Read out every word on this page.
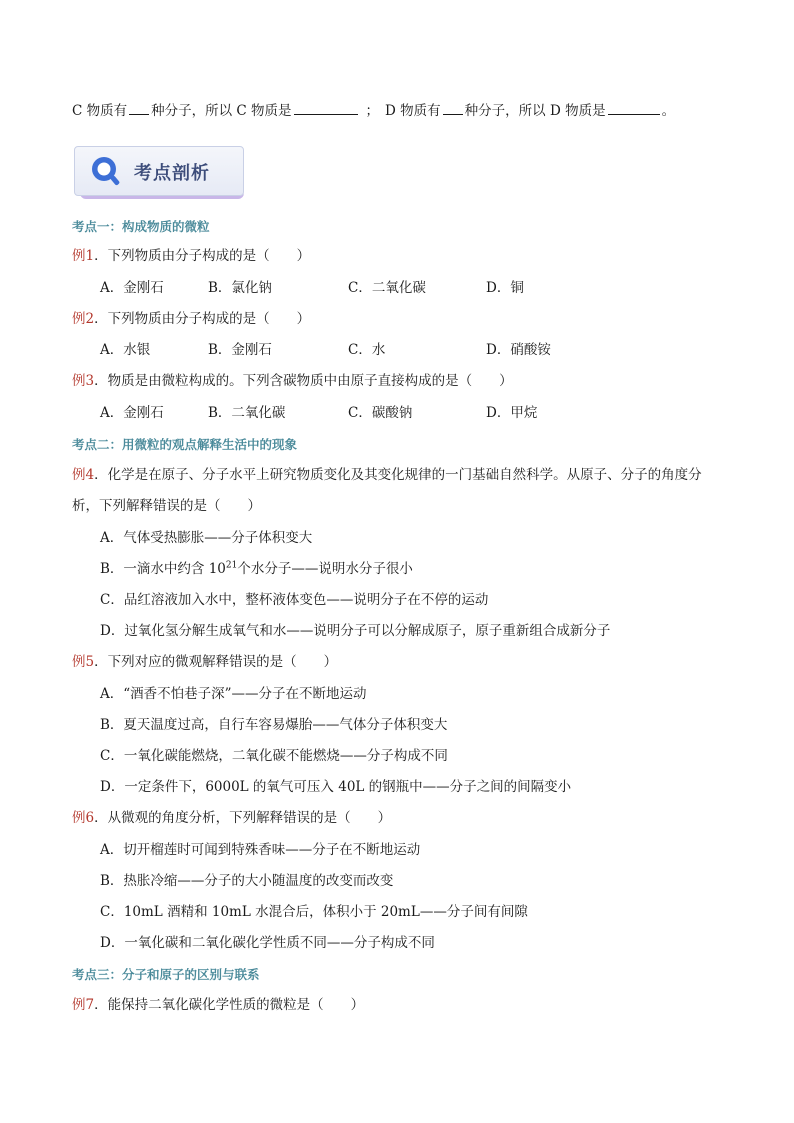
C 物质有 种分子，所以 C 物质是	； D 物质有 种分子，所以 D 物质是	。
考点剖析
考点一：构成物质的微粒
例1．下列物质由分子构成的是（　　）
A．金刚石	B．氯化钠	C．二氧化碳	D．铜
例2．下列物质由分子构成的是（　　）
A．水银	B．金刚石	C．水	D．硝酸铵
例3．物质是由微粒构成的。下列含碳物质中由原子直接构成的是（　　）
A．金刚石	B．二氧化碳	C．碳酸钠	D．甲烷
考点二：用微粒的观点解释生活中的现象
例4．化学是在原子、分子水平上研究物质变化及其变化规律的一门基础自然科学。从原子、分子的角度分
析，下列解释错误的是（　　）
A．气体受热膨胀——分子体积变大
B．一滴水中约含 $10^{21}$个水分子——说明水分子很小
C．品红溶液加入水中，整杯液体变色——说明分子在不停的运动
D．过氧化氢分解生成氧气和水——说明分子可以分解成原子，原子重新组合成新分子
例5．下列对应的微观解释错误的是（　　）
A．“酒香不怕巷子深”——分子在不断地运动
B．夏天温度过高，自行车容易爆胎——气体分子体积变大
C．一氧化碳能燃烧，二氧化碳不能燃烧——分子构成不同
D．一定条件下，6000L 的氧气可压入 40L 的钢瓶中——分子之间的间隔变小
例6．从微观的角度分析，下列解释错误的是（　　）
A．切开榴莲时可闻到特殊香味——分子在不断地运动
B．热胀冷缩——分子的大小随温度的改变而改变
C．10mL 酒精和 10mL 水混合后，体积小于 20mL——分子间有间隙
D．一氧化碳和二氧化碳化学性质不同——分子构成不同
考点三：分子和原子的区别与联系
例7．能保持二氧化碳化学性质的微粒是（　　）
